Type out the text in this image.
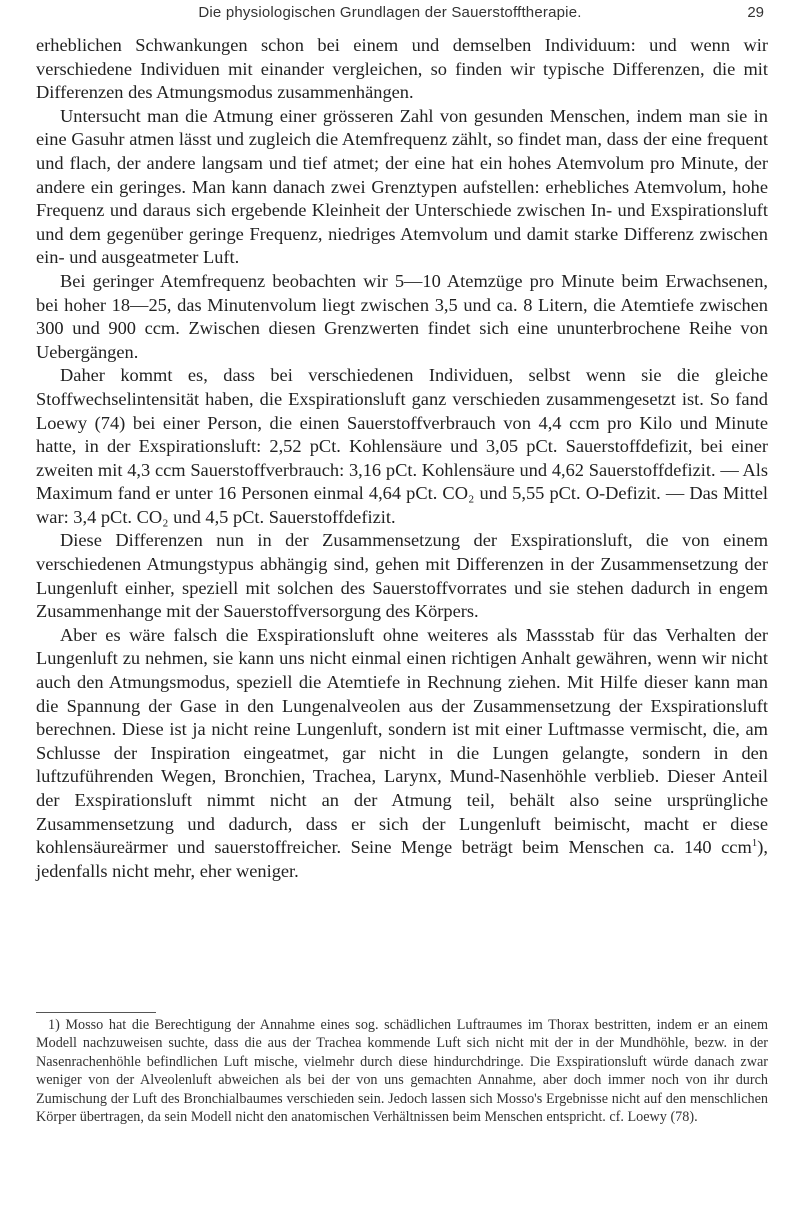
Die physiologischen Grundlagen der Sauerstofftherapie.	29

erheblichen Schwankungen schon bei einem und demselben Individuum: und wenn wir verschiedene Individuen mit einander vergleichen, so finden wir typische Differenzen, die mit Differenzen des Atmungsmodus zusammenhängen.

Untersucht man die Atmung einer grösseren Zahl von gesunden Menschen, indem man sie in eine Gasuhr atmen lässt und zugleich die Atemfrequenz zählt, so findet man, dass der eine frequent und flach, der andere langsam und tief atmet; der eine hat ein hohes Atemvolum pro Minute, der andere ein geringes. Man kann danach zwei Grenztypen aufstellen: erhebliches Atemvolum, hohe Frequenz und daraus sich ergebende Kleinheit der Unterschiede zwischen In- und Exspirationsluft und dem gegenüber geringe Frequenz, niedriges Atemvolum und damit starke Differenz zwischen ein- und ausgeatmeter Luft.

Bei geringer Atemfrequenz beobachten wir 5—10 Atemzüge pro Minute beim Erwachsenen, bei hoher 18—25, das Minutenvolum liegt zwischen 3,5 und ca. 8 Litern, die Atemtiefe zwischen 300 und 900 ccm. Zwischen diesen Grenzwerten findet sich eine ununterbrochene Reihe von Uebergängen.

Daher kommt es, dass bei verschiedenen Individuen, selbst wenn sie die gleiche Stoffwechselintensität haben, die Exspirationsluft ganz verschieden zusammengesetzt ist. So fand Loewy (74) bei einer Person, die einen Sauerstoffverbrauch von 4,4 ccm pro Kilo und Minute hatte, in der Exspirationsluft: 2,52 pCt. Kohlensäure und 3,05 pCt. Sauerstoffdefizit, bei einer zweiten mit 4,3 ccm Sauerstoffverbrauch: 3,16 pCt. Kohlensäure und 4,62 Sauerstoffdefizit. — Als Maximum fand er unter 16 Personen einmal 4,64 pCt. CO₂ und 5,55 pCt. O-Defizit. — Das Mittel war: 3,4 pCt. CO₂ und 4,5 pCt. Sauerstoffdefizit.

Diese Differenzen nun in der Zusammensetzung der Exspirationsluft, die von einem verschiedenen Atmungstypus abhängig sind, gehen mit Differenzen in der Zusammensetzung der Lungenluft einher, speziell mit solchen des Sauerstoffvorrates und sie stehen dadurch in engem Zusammenhange mit der Sauerstoffversorgung des Körpers.

Aber es wäre falsch die Exspirationsluft ohne weiteres als Massstab für das Verhalten der Lungenluft zu nehmen, sie kann uns nicht einmal einen richtigen Anhalt gewähren, wenn wir nicht auch den Atmungsmodus, speziell die Atemtiefe in Rechnung ziehen. Mit Hilfe dieser kann man die Spannung der Gase in den Lungenalveolen aus der Zusammensetzung der Exspirationsluft berechnen. Diese ist ja nicht reine Lungenluft, sondern ist mit einer Luftmasse vermischt, die, am Schlusse der Inspiration eingeatmet, gar nicht in die Lungen gelangte, sondern in den luftzuführenden Wegen, Bronchien, Trachea, Larynx, Mund-Nasenhöhle verblieb. Dieser Anteil der Exspirationsluft nimmt nicht an der Atmung teil, behält also seine ursprüngliche Zusammensetzung und dadurch, dass er sich der Lungenluft beimischt, macht er diese kohlensäureärmer und sauerstoffreicher. Seine Menge beträgt beim Menschen ca. 140 ccm$^1$), jedenfalls nicht mehr, eher weniger.

1) Mosso hat die Berechtigung der Annahme eines sog. schädlichen Luftraumes im Thorax bestritten, indem er an einem Modell nachzuweisen suchte, dass die aus der Trachea kommende Luft sich nicht mit der in der Mundhöhle, bezw. in der Nasenrachenhöhle befindlichen Luft mische, vielmehr durch diese hindurchdringe. Die Exspirationsluft würde danach zwar weniger von der Alveolenluft abweichen als bei der von uns gemachten Annahme, aber doch immer noch von ihr durch Zumischung der Luft des Bronchialbaumes verschieden sein. Jedoch lassen sich Mosso's Ergebnisse nicht auf den menschlichen Körper übertragen, da sein Modell nicht den anatomischen Verhältnissen beim Menschen entspricht. cf. Loewy (78).
